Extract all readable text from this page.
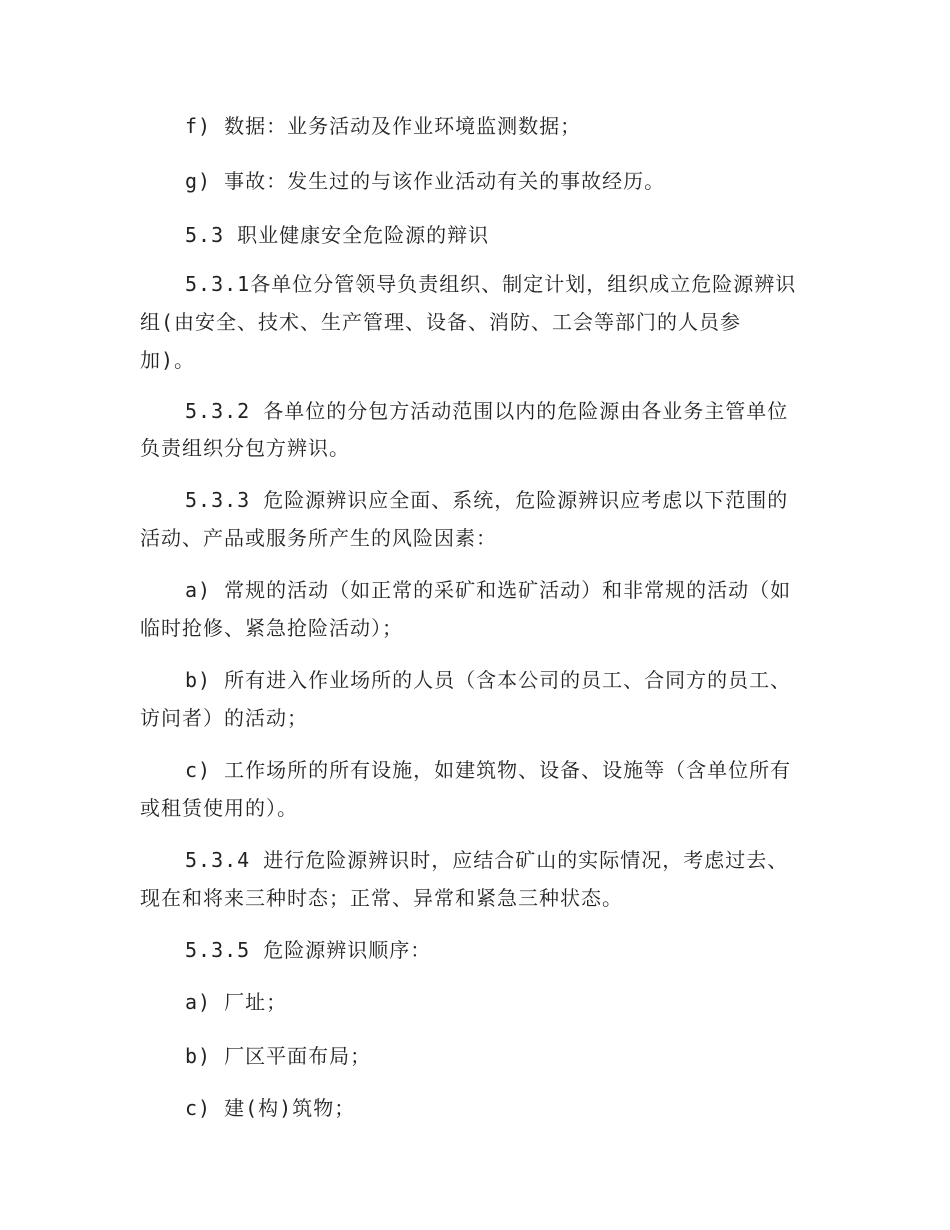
f) 数据：业务活动及作业环境监测数据；
g) 事故：发生过的与该作业活动有关的事故经历。
5.3 职业健康安全危险源的辩识
5.3.1各单位分管领导负责组织、制定计划，组织成立危险源辨识
组(由安全、技术、生产管理、设备、消防、工会等部门的人员参
加)。
5.3.2 各单位的分包方活动范围以内的危险源由各业务主管单位
负责组织分包方辨识。
5.3.3 危险源辨识应全面、系统，危险源辨识应考虑以下范围的
活动、产品或服务所产生的风险因素：
a) 常规的活动（如正常的采矿和选矿活动）和非常规的活动（如
临时抢修、紧急抢险活动）；
b) 所有进入作业场所的人员（含本公司的员工、合同方的员工、
访问者）的活动；
c) 工作场所的所有设施，如建筑物、设备、设施等（含单位所有
或租赁使用的）。
5.3.4 进行危险源辨识时，应结合矿山的实际情况，考虑过去、
现在和将来三种时态；正常、异常和紧急三种状态。
5.3.5 危险源辨识顺序：
a) 厂址；
b) 厂区平面布局；
c) 建(构)筑物；
